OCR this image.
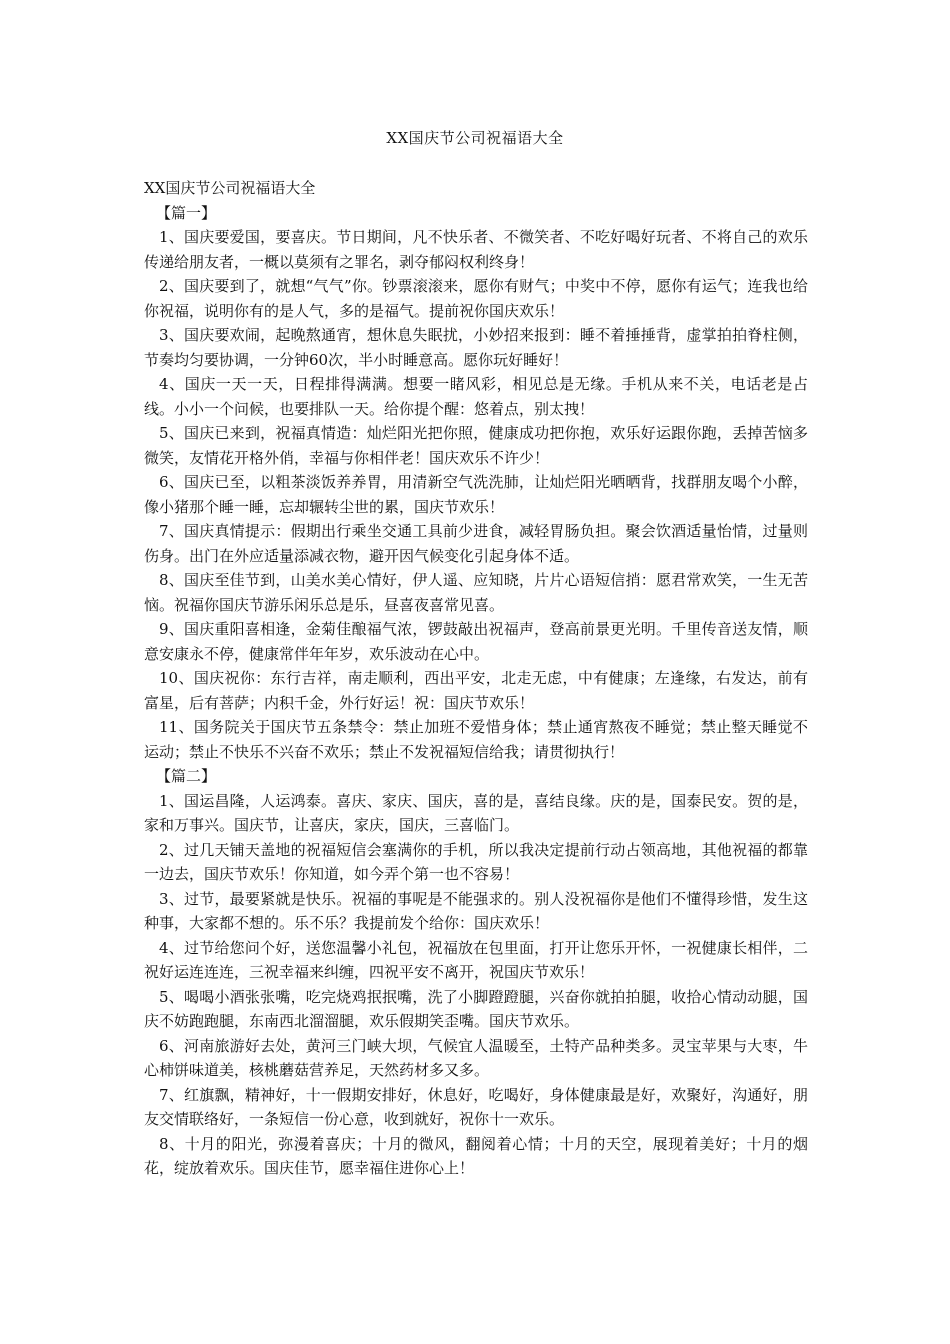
XX国庆节公司祝福语大全

XX国庆节公司祝福语大全

【篇一】

1、国庆要爱国，要喜庆。节日期间，凡不快乐者、不微笑者、不吃好喝好玩者、不将自己的欢乐传递给朋友者，一概以莫须有之罪名，剥夺郁闷权利终身！

2、国庆要到了，就想“气气”你。钞票滚滚来，愿你有财气；中奖中不停，愿你有运气；连我也给你祝福，说明你有的是人气，多的是福气。提前祝你国庆欢乐！

3、国庆要欢闹，起晚熬通宵，想休息失眠扰，小妙招来报到：睡不着捶捶背，虚掌拍拍脊柱侧，节奏均匀要协调，一分钟60次，半小时睡意高。愿你玩好睡好！

4、国庆一天一天，日程排得满满。想要一睹风彩，相见总是无缘。手机从来不关，电话老是占线。小小一个问候，也要排队一天。给你提个醒：悠着点，别太拽！

5、国庆已来到，祝福真情造：灿烂阳光把你照，健康成功把你抱，欢乐好运跟你跑，丢掉苦恼多微笑，友情花开格外俏，幸福与你相伴老！国庆欢乐不许少！

6、国庆已至，以粗茶淡饭养养胃，用清新空气洗洗肺，让灿烂阳光晒晒背，找群朋友喝个小醉，像小猪那个睡一睡，忘却辗转尘世的累，国庆节欢乐！

7、国庆真情提示：假期出行乘坐交通工具前少进食，减轻胃肠负担。聚会饮酒适量怡情，过量则伤身。出门在外应适量添减衣物，避开因气候变化引起身体不适。

8、国庆至佳节到，山美水美心情好，伊人遥、应知晓，片片心语短信捎：愿君常欢笑，一生无苦恼。祝福你国庆节游乐闲乐总是乐，昼喜夜喜常见喜。

9、国庆重阳喜相逢，金菊佳酿福气浓，锣鼓敲出祝福声，登高前景更光明。千里传音送友情，顺意安康永不停，健康常伴年年岁，欢乐波动在心中。

10、国庆祝你：东行吉祥，南走顺利，西出平安，北走无虑，中有健康；左逢缘，右发达，前有富星，后有菩萨；内积千金，外行好运！祝：国庆节欢乐！

11、国务院关于国庆节五条禁令：禁止加班不爱惜身体；禁止通宵熬夜不睡觉；禁止整天睡觉不运动；禁止不快乐不兴奋不欢乐；禁止不发祝福短信给我；请贯彻执行！

【篇二】

1、国运昌隆，人运鸿泰。喜庆、家庆、国庆，喜的是，喜结良缘。庆的是，国泰民安。贺的是，家和万事兴。国庆节，让喜庆，家庆，国庆，三喜临门。

2、过几天铺天盖地的祝福短信会塞满你的手机，所以我决定提前行动占领高地，其他祝福的都靠一边去，国庆节欢乐！你知道，如今弄个第一也不容易！

3、过节，最要紧就是快乐。祝福的事呢是不能强求的。别人没祝福你是他们不懂得珍惜，发生这种事，大家都不想的。乐不乐？我提前发个给你：国庆欢乐！

4、过节给您问个好，送您温馨小礼包，祝福放在包里面，打开让您乐开怀，一祝健康长相伴，二祝好运连连连，三祝幸福来纠缠，四祝平安不离开，祝国庆节欢乐！

5、喝喝小酒张张嘴，吃完烧鸡抿抿嘴，洗了小脚蹬蹬腿，兴奋你就拍拍腿，收拾心情动动腿，国庆不妨跑跑腿，东南西北溜溜腿，欢乐假期笑歪嘴。国庆节欢乐。

6、河南旅游好去处，黄河三门峡大坝，气候宜人温暖至，土特产品种类多。灵宝苹果与大枣，牛心柿饼味道美，核桃蘑菇营养足，天然药材多又多。

7、红旗飘，精神好，十一假期安排好，休息好，吃喝好，身体健康最是好，欢聚好，沟通好，朋友交情联络好，一条短信一份心意，收到就好，祝你十一欢乐。

8、十月的阳光，弥漫着喜庆；十月的微风，翻阅着心情；十月的天空，展现着美好；十月的烟花，绽放着欢乐。国庆佳节，愿幸福住进你心上！
